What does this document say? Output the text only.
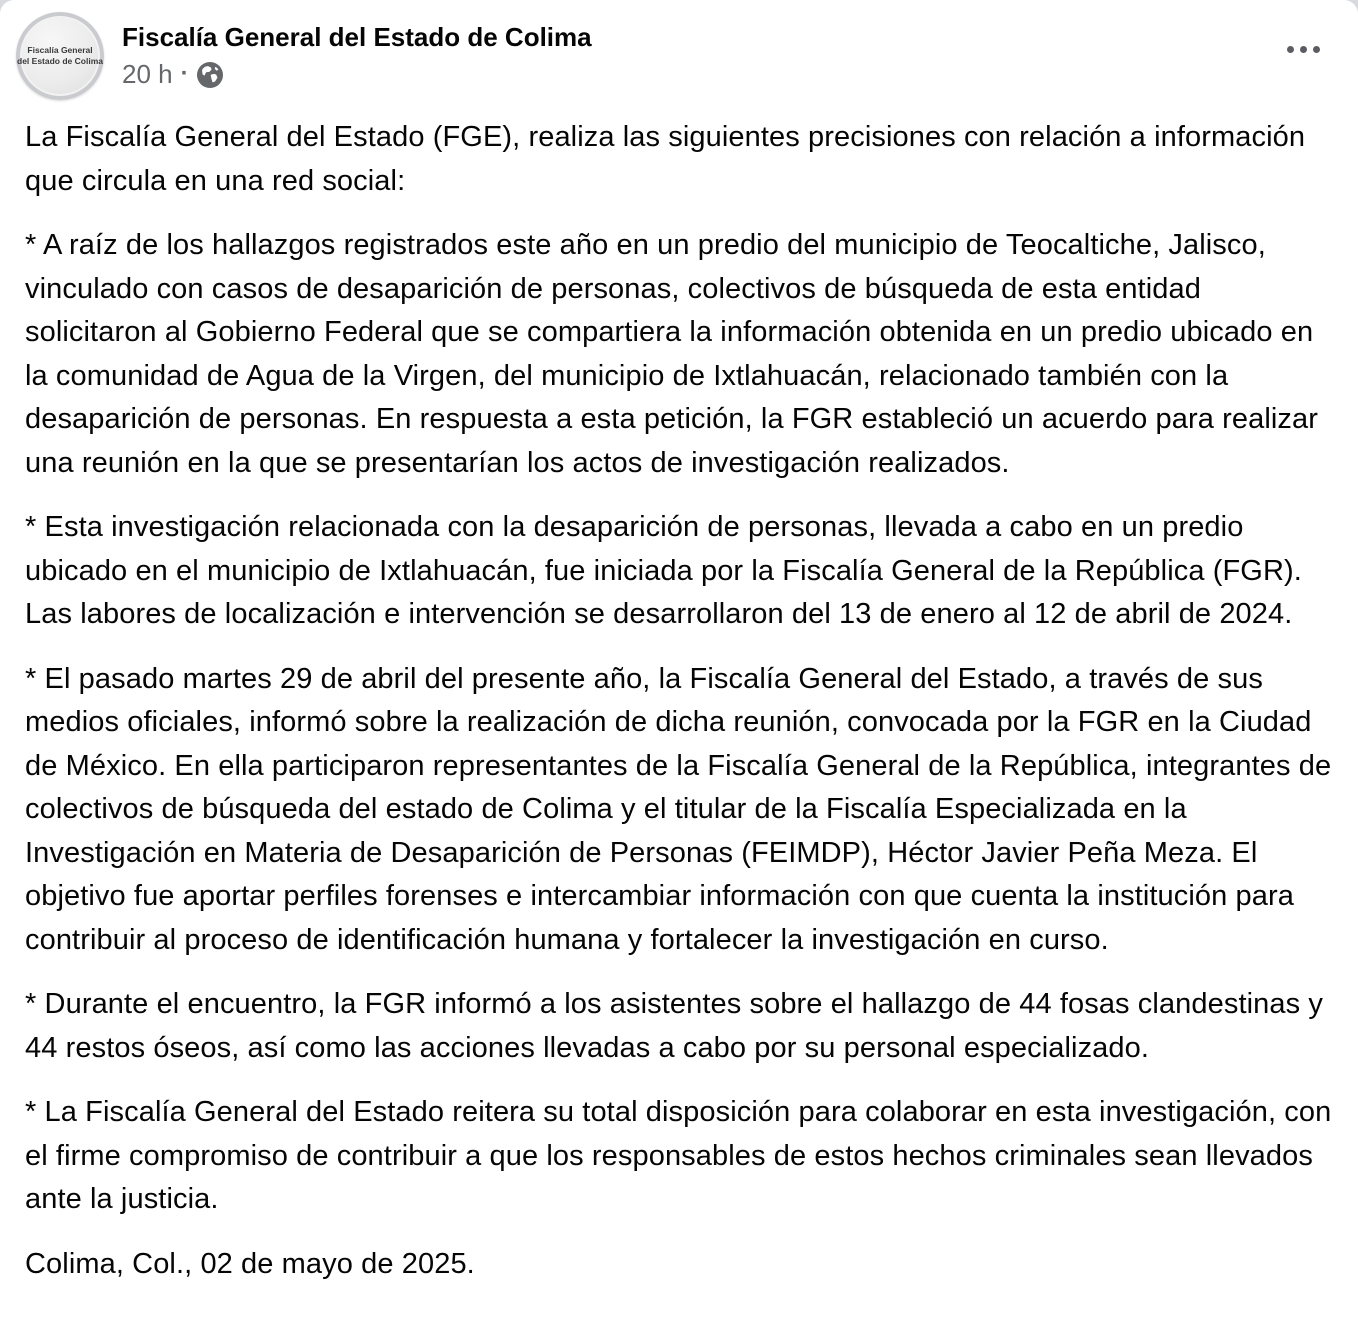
Fiscalía General
del Estado de Colima
Fiscalía General del Estado de Colima
20 h ·

La Fiscalía General del Estado (FGE), realiza las siguientes precisiones con relación a información que circula en una red social:

* A raíz de los hallazgos registrados este año en un predio del municipio de Teocaltiche, Jalisco, vinculado con casos de desaparición de personas, colectivos de búsqueda de esta entidad solicitaron al Gobierno Federal que se compartiera la información obtenida en un predio ubicado en la comunidad de Agua de la Virgen, del municipio de Ixtlahuacán, relacionado también con la desaparición de personas. En respuesta a esta petición, la FGR estableció un acuerdo para realizar una reunión en la que se presentarían los actos de investigación realizados.

* Esta investigación relacionada con la desaparición de personas, llevada a cabo en un predio ubicado en el municipio de Ixtlahuacán, fue iniciada por la Fiscalía General de la República (FGR). Las labores de localización e intervención se desarrollaron del 13 de enero al 12 de abril de 2024.

* El pasado martes 29 de abril del presente año, la Fiscalía General del Estado, a través de sus medios oficiales, informó sobre la realización de dicha reunión, convocada por la FGR en la Ciudad de México. En ella participaron representantes de la Fiscalía General de la República, integrantes de colectivos de búsqueda del estado de Colima y el titular de la Fiscalía Especializada en la Investigación en Materia de Desaparición de Personas (FEIMDP), Héctor Javier Peña Meza. El objetivo fue aportar perfiles forenses e intercambiar información con que cuenta la institución para contribuir al proceso de identificación humana y fortalecer la investigación en curso.

* Durante el encuentro, la FGR informó a los asistentes sobre el hallazgo de 44 fosas clandestinas y 44 restos óseos, así como las acciones llevadas a cabo por su personal especializado.

* La Fiscalía General del Estado reitera su total disposición para colaborar en esta investigación, con el firme compromiso de contribuir a que los responsables de estos hechos criminales sean llevados ante la justicia.

Colima, Col., 02 de mayo de 2025.
